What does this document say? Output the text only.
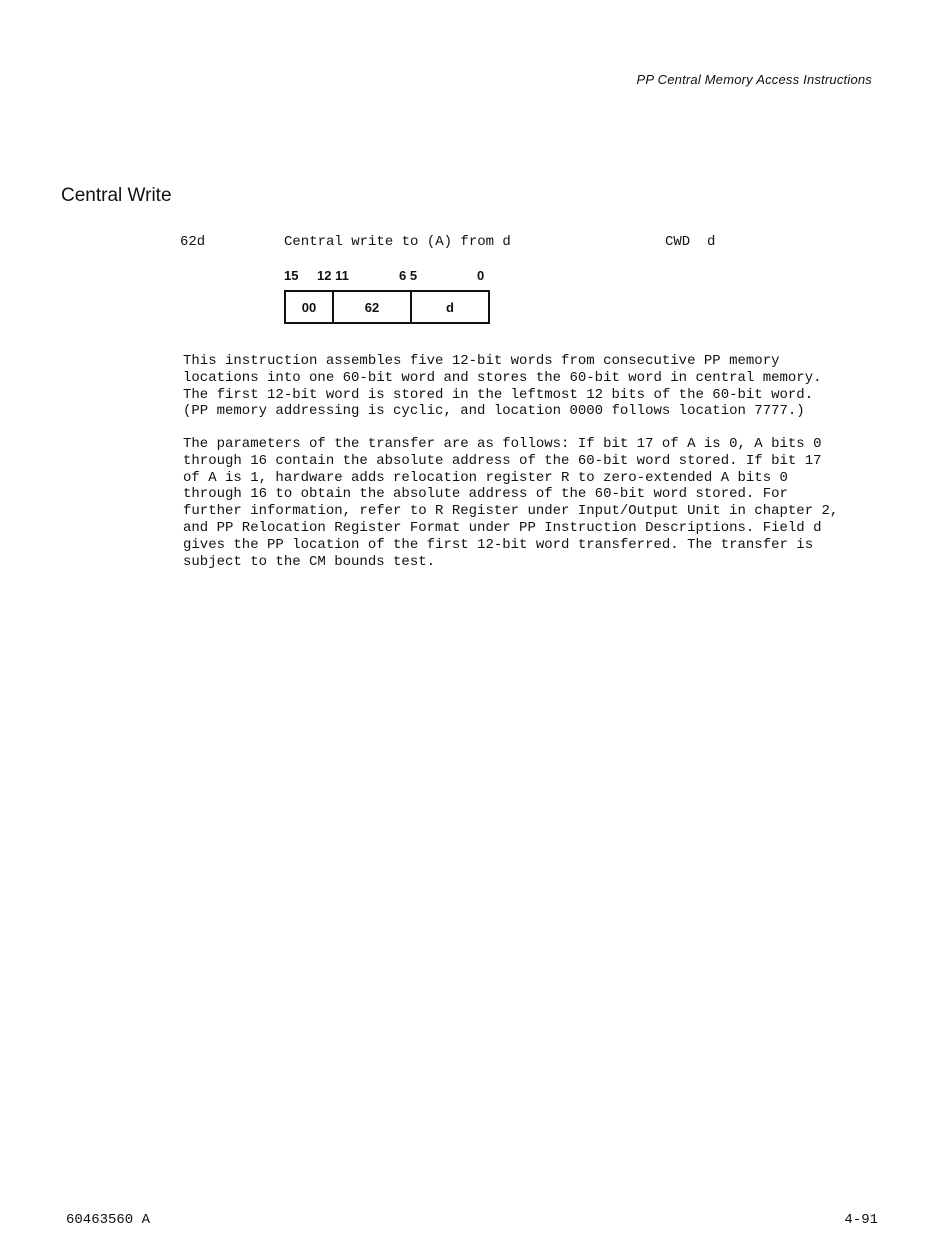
PP Central Memory Access Instructions
Central Write
62d	Central write to (A) from d	CWD  d
15 12 11	6 5	0
00	62	d

This instruction assembles five 12-bit words from consecutive PP memory
locations into one 60-bit word and stores the 60-bit word in central memory.
The first 12-bit word is stored in the leftmost 12 bits of the 60-bit word.
(PP memory addressing is cyclic, and location 0000 follows location 7777.)

The parameters of the transfer are as follows: If bit 17 of A is 0, A bits 0
through 16 contain the absolute address of the 60-bit word stored. If bit 17
of A is 1, hardware adds relocation register R to zero-extended A bits 0
through 16 to obtain the absolute address of the 60-bit word stored. For
further information, refer to R Register under Input/Output Unit in chapter 2,
and PP Relocation Register Format under PP Instruction Descriptions. Field d
gives the PP location of the first 12-bit word transferred. The transfer is
subject to the CM bounds test.

60463560 A	4-91
